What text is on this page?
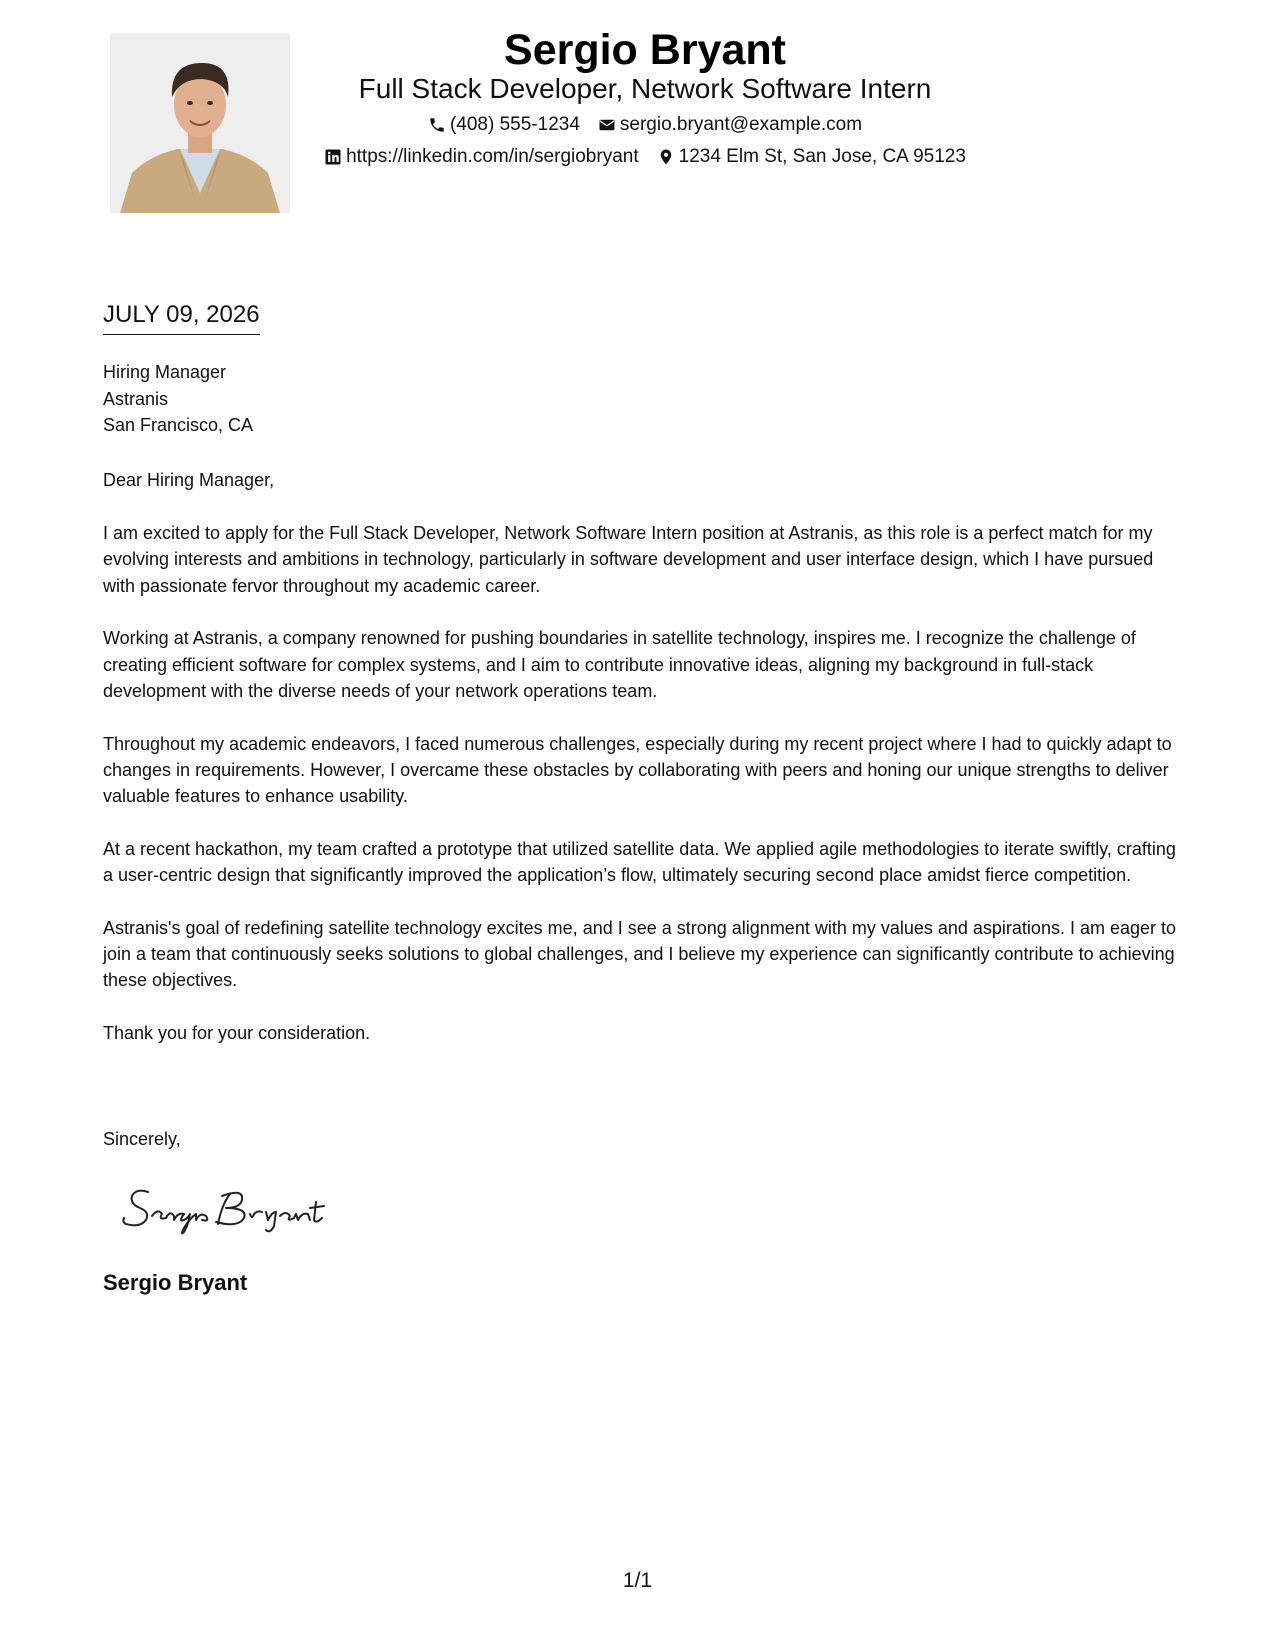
Sergio Bryant
Full Stack Developer, Network Software Intern
(408) 555-1234 sergio.bryant@example.com
https://linkedin.com/in/sergiobryant 1234 Elm St, San Jose, CA 95123
JULY 09, 2026
Hiring Manager
Astranis
San Francisco, CA
Dear Hiring Manager,

I am excited to apply for the Full Stack Developer, Network Software Intern position at Astranis, as this role is a perfect match for my evolving interests and ambitions in technology, particularly in software development and user interface design, which I have pursued with passionate fervor throughout my academic career.

Working at Astranis, a company renowned for pushing boundaries in satellite technology, inspires me. I recognize the challenge of creating efficient software for complex systems, and I aim to contribute innovative ideas, aligning my background in full-stack development with the diverse needs of your network operations team.

Throughout my academic endeavors, I faced numerous challenges, especially during my recent project where I had to quickly adapt to changes in requirements. However, I overcame these obstacles by collaborating with peers and honing our unique strengths to deliver valuable features to enhance usability.

At a recent hackathon, my team crafted a prototype that utilized satellite data. We applied agile methodologies to iterate swiftly, crafting a user-centric design that significantly improved the application’s flow, ultimately securing second place amidst fierce competition.

Astranis's goal of redefining satellite technology excites me, and I see a strong alignment with my values and aspirations. I am eager to join a team that continuously seeks solutions to global challenges, and I believe my experience can significantly contribute to achieving these objectives.

Thank you for your consideration.

Sincerely,
Sergio Bryant
1/1
